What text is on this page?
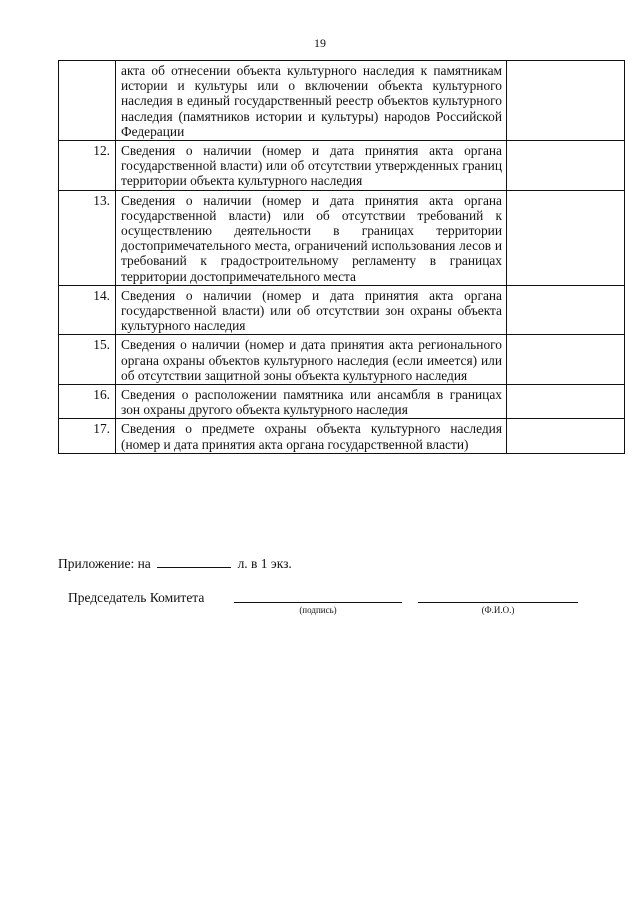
19
	акта об отнесении объекта культурного наследия к памятникам истории и культуры или о включении объекта культурного наследия в единый государственный реестр объектов культурного наследия (памятников истории и культуры) народов Российской Федерации	
12.	Сведения о наличии (номер и дата принятия акта органа государственной власти) или об отсутствии утвержденных границ территории объекта культурного наследия	
13.	Сведения о наличии (номер и дата принятия акта органа государственной власти) или об отсутствии требований к осуществлению деятельности в границах территории достопримечательного места, ограничений использования лесов и требований к градостроительному регламенту в границах территории достопримечательного места	
14.	Сведения о наличии (номер и дата принятия акта органа государственной власти) или об отсутствии зон охраны объекта культурного наследия	
15.	Сведения о наличии (номер и дата принятия акта регионального органа охраны объектов культурного наследия (если имеется) или об отсутствии защитной зоны объекта культурного наследия	
16.	Сведения о расположении памятника или ансамбля в границах зон охраны другого объекта культурного наследия	
17.	Сведения о предмете охраны объекта культурного наследия (номер и дата принятия акта органа государственной власти)	
Приложение: на	л. в 1 экз.
Председатель Комитета
(подпись)	(Ф.И.О.)
